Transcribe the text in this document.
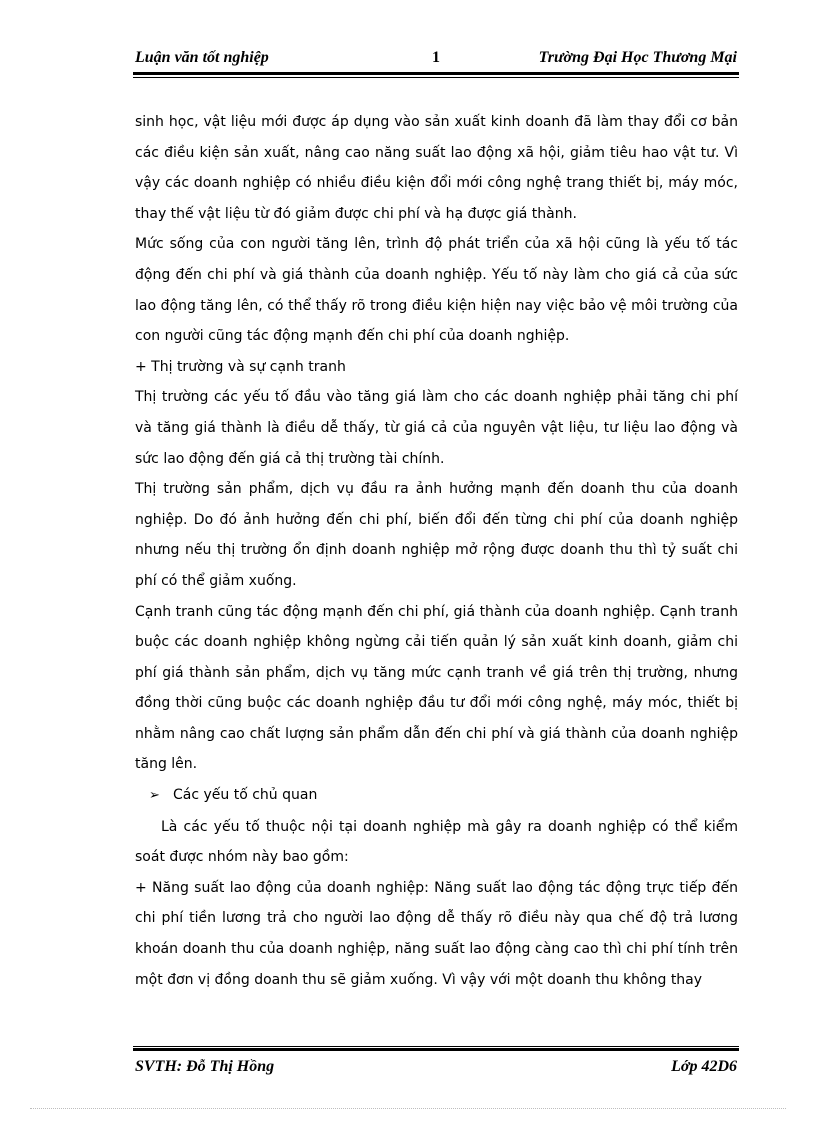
Luận văn tốt nghiệp	1	Trường Đại Học Thương Mại

sinh học, vật liệu mới được áp dụng vào sản xuất kinh doanh đã làm thay đổi cơ bản các điều kiện sản xuất, nâng cao năng suất lao động xã hội, giảm tiêu hao vật tư. Vì vậy các doanh nghiệp có nhiều điều kiện đổi mới công nghệ trang thiết bị, máy móc, thay thế vật liệu từ đó giảm được chi phí và hạ được giá thành.

Mức sống của con người tăng lên, trình độ phát triển của xã hội cũng là yếu tố tác động đến chi phí và giá thành của doanh nghiệp. Yếu tố này làm cho giá cả của sức lao động tăng lên, có thể thấy rõ trong điều kiện hiện nay việc bảo vệ môi trường của con người cũng tác động mạnh đến chi phí của doanh nghiệp.

+ Thị trường và sự cạnh tranh

Thị trường các yếu tố đầu vào tăng giá làm cho các doanh nghiệp phải tăng chi phí và tăng giá thành là điều dễ thấy, từ giá cả của nguyên vật liệu, tư liệu lao động và sức lao động đến giá cả thị trường tài chính.

Thị trường sản phẩm, dịch vụ đầu ra ảnh hưởng mạnh đến doanh thu của doanh nghiệp. Do đó ảnh hưởng đến chi phí, biến đổi đến từng chi phí của doanh nghiệp nhưng nếu thị trường ổn định doanh nghiệp mở rộng được doanh thu thì tỷ suất chi phí có thể giảm xuống.

Cạnh tranh cũng tác động mạnh đến chi phí, giá thành của doanh nghiệp. Cạnh tranh buộc các doanh nghiệp không ngừng cải tiến quản lý sản xuất kinh doanh, giảm chi phí giá thành sản phẩm, dịch vụ tăng mức cạnh tranh về giá trên thị trường, nhưng đồng thời cũng buộc các doanh nghiệp đầu tư đổi mới công nghệ, máy móc, thiết bị nhằm nâng cao chất lượng sản phẩm dẫn đến chi phí và giá thành của doanh nghiệp tăng lên.

➢ Các yếu tố chủ quan

Là các yếu tố thuộc nội tại doanh nghiệp mà gây ra doanh nghiệp có thể kiểm soát được nhóm này bao gồm:

+ Năng suất lao động của doanh nghiệp: Năng suất lao động tác động trực tiếp đến chi phí tiền lương trả cho người lao động dễ thấy rõ điều này qua chế độ trả lương khoán doanh thu của doanh nghiệp, năng suất lao động càng cao thì chi phí tính trên một đơn vị đồng doanh thu sẽ giảm xuống. Vì vậy với một doanh thu không thay

SVTH: Đỗ Thị Hồng	Lớp 42D6
